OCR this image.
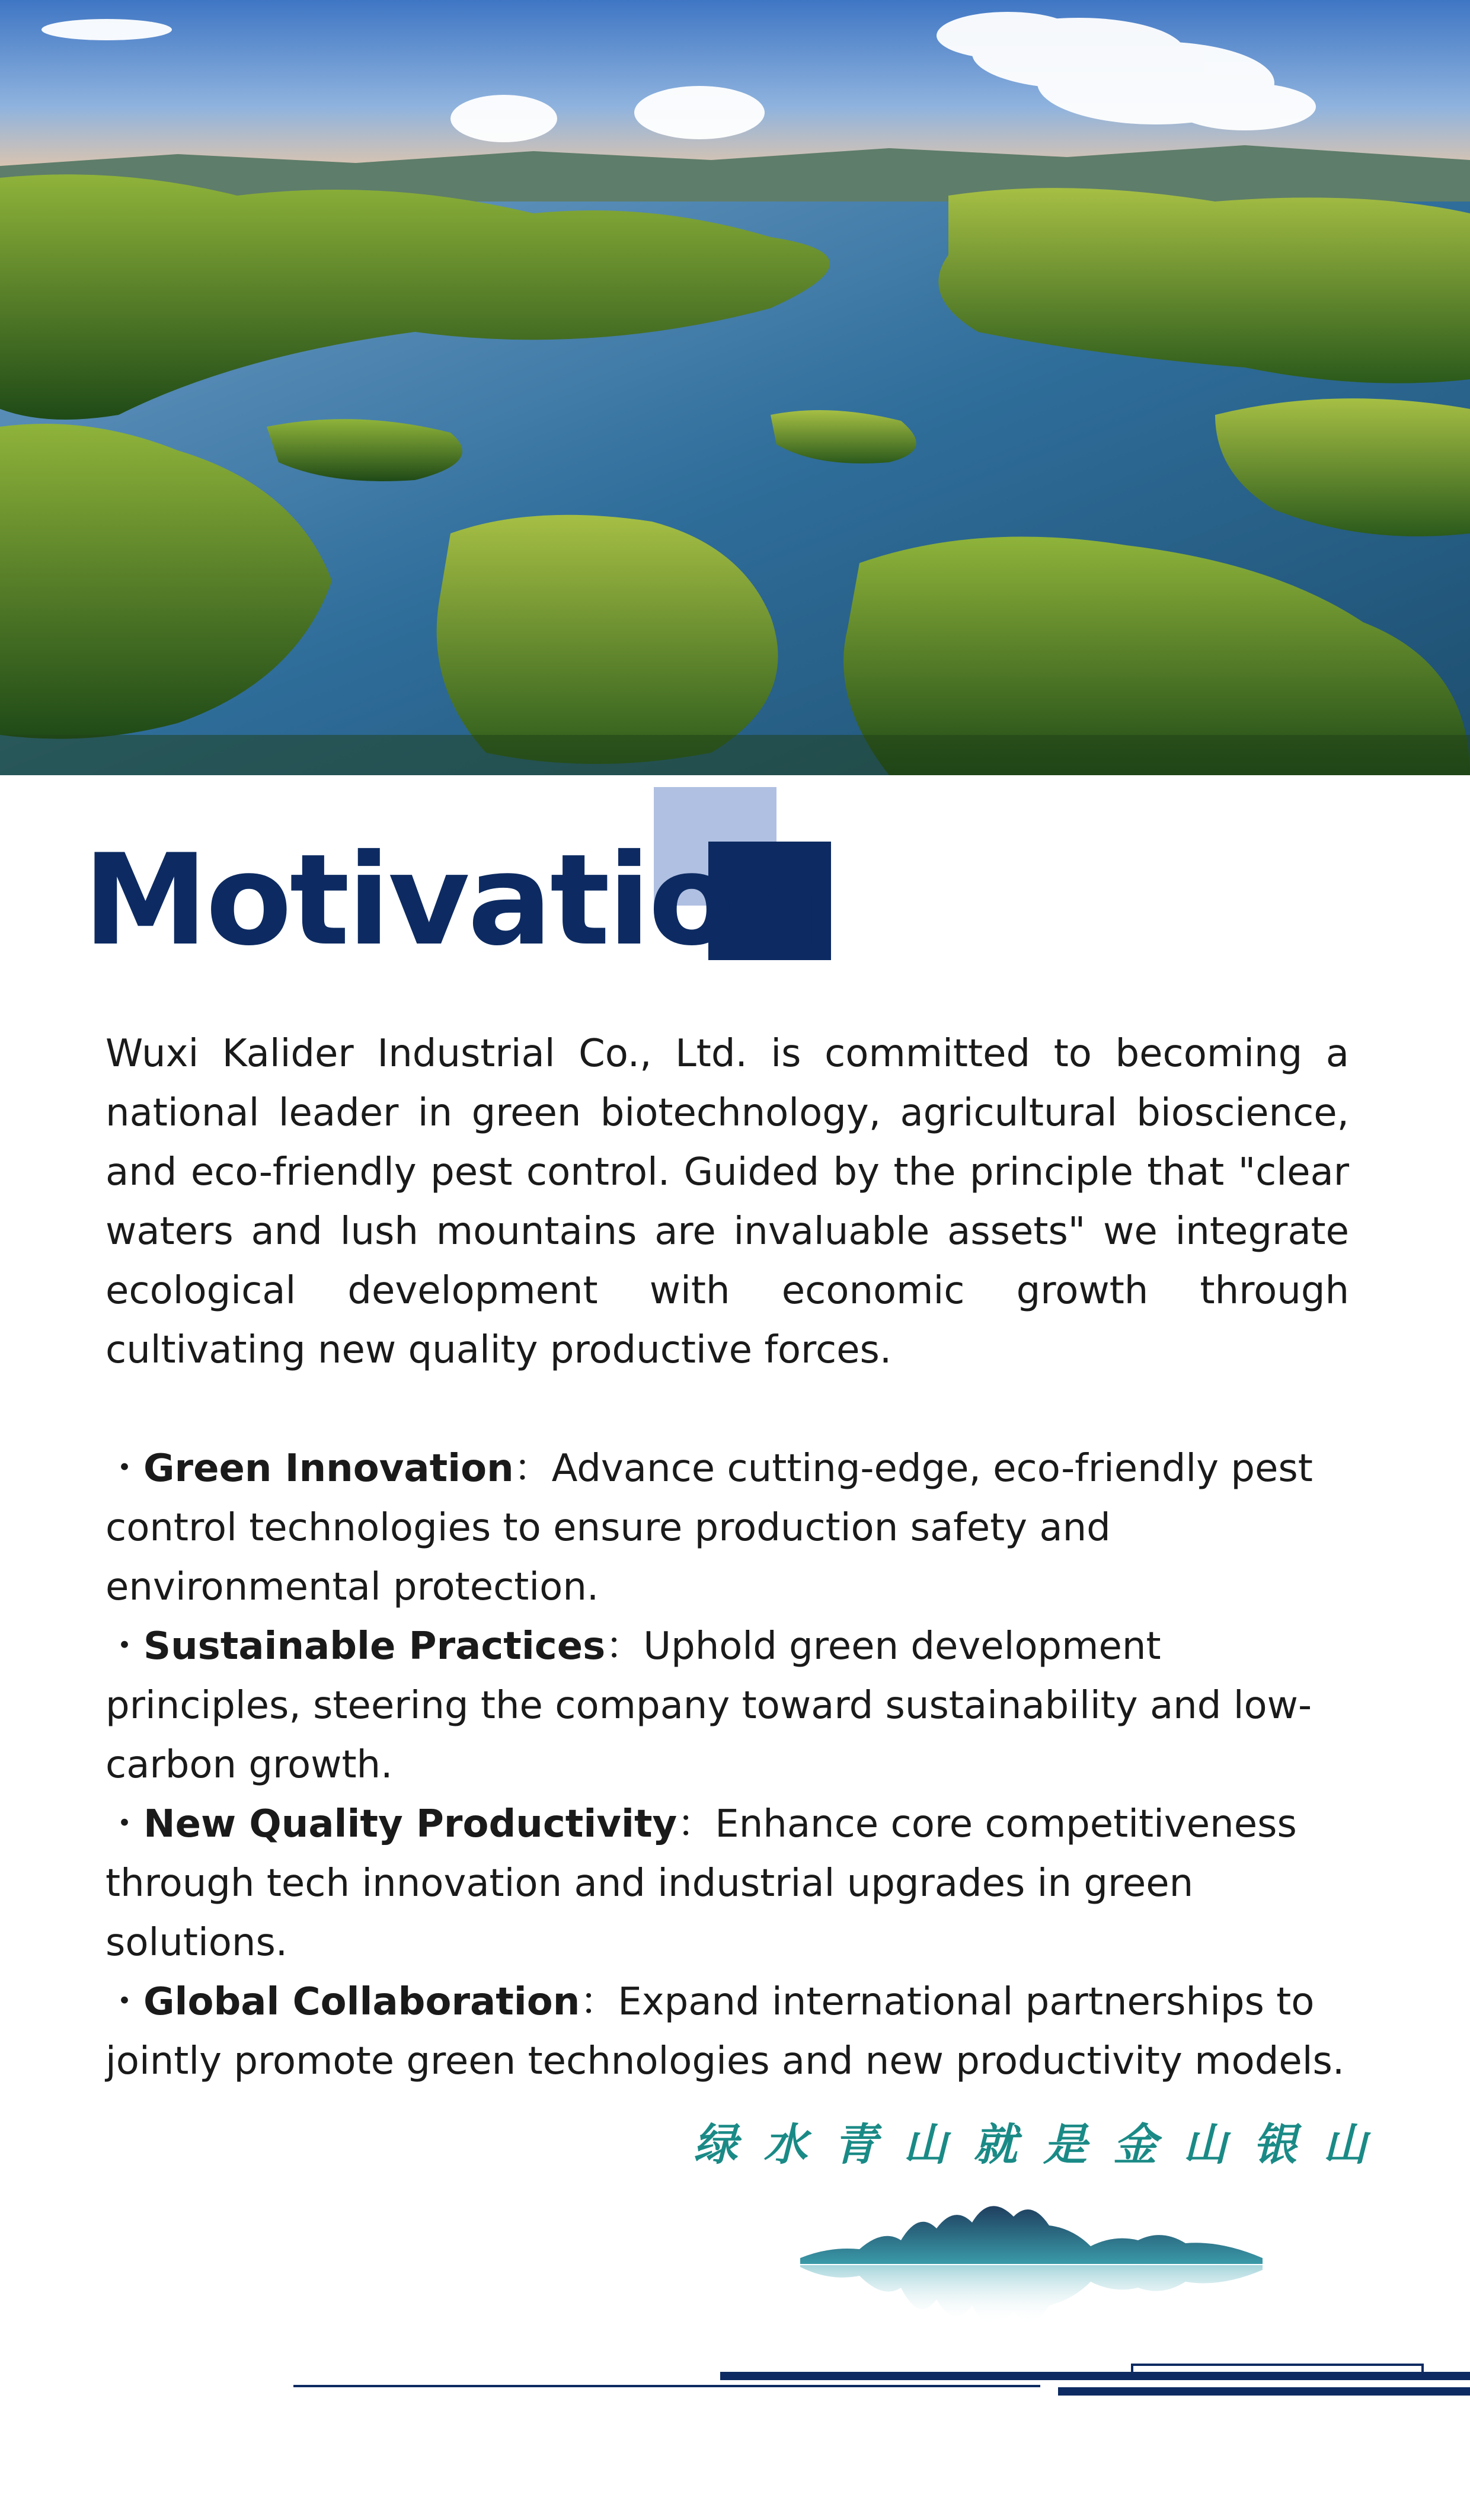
Motivation

Wuxi Kalider Industrial Co., Ltd. is committed to becoming a national leader in green biotechnology, agricultural bioscience, and eco-friendly pest control. Guided by the principle that "clear waters and lush mountains are invaluable assets" we integrate ecological development with economic growth through cultivating new quality productive forces.

・Green Innovation：Advance cutting-edge, eco-friendly pest control technologies to ensure production safety and environmental protection.

・Sustainable Practices：Uphold green development principles, steering the company toward sustainability and low-carbon growth.

・New Quality Productivity：Enhance core competitiveness through tech innovation and industrial upgrades in green solutions.

・Global Collaboration：Expand international partnerships to jointly promote green technologies and new productivity models.

绿水青山就是金山银山
